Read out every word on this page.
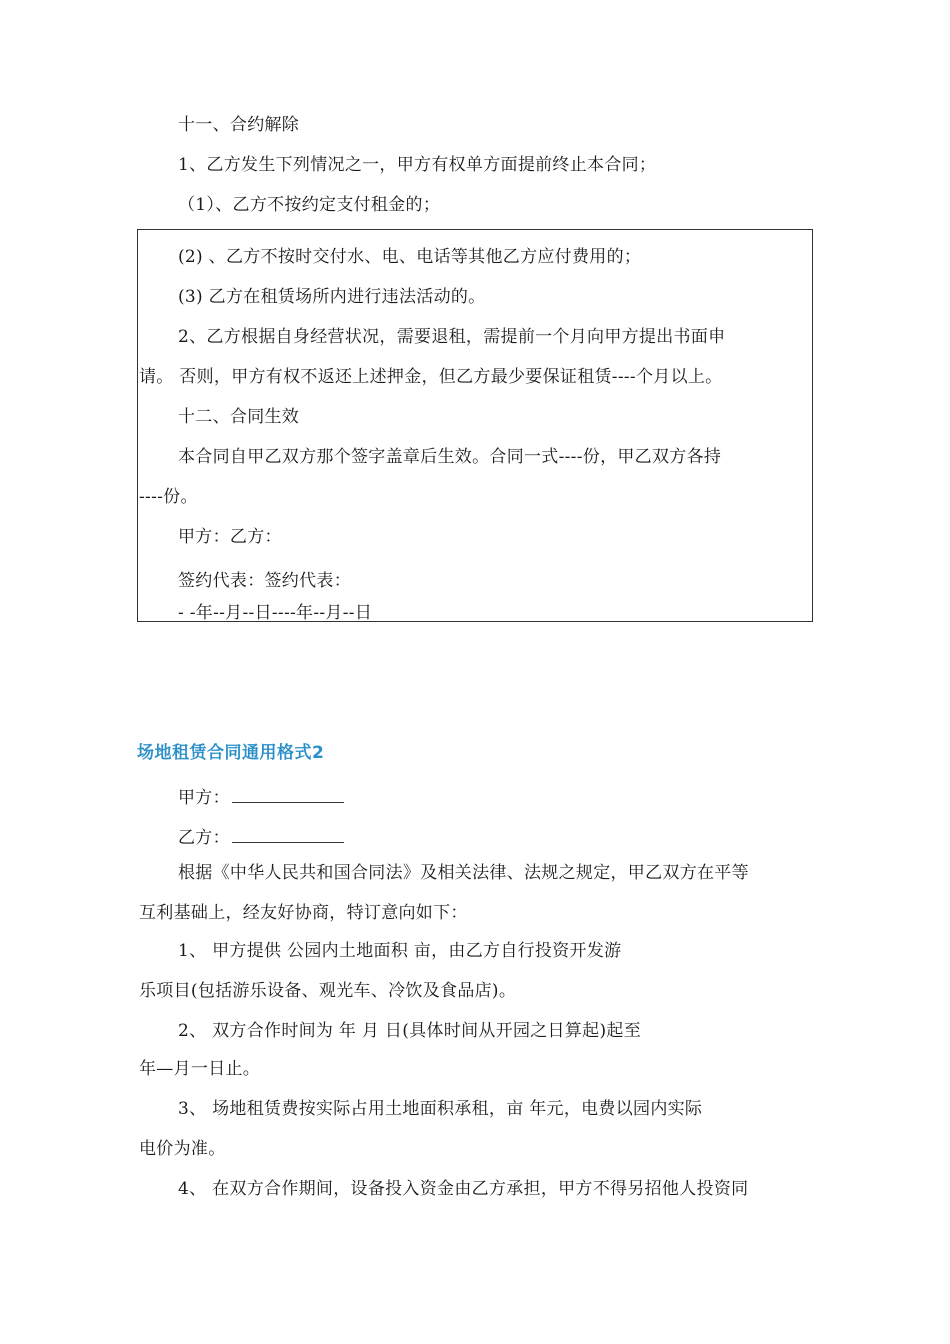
十一、合约解除
1、乙方发生下列情况之一，甲方有权单方面提前终止本合同；
（1）、乙方不按约定支付租金的；
(2) 、乙方不按时交付水、电、电话等其他乙方应付费用的；
(3) 乙方在租赁场所内进行违法活动的。
2、乙方根据自身经营状况，需要退租，需提前一个月向甲方提出书面申
请。 否则，甲方有权不返还上述押金，但乙方最少要保证租赁----个月以上。
十二、合同生效
本合同自甲乙双方那个签字盖章后生效。合同一式----份，甲乙双方各持
----份。
甲方：乙方：
签约代表：签约代表：
- -年--月--日----年--月--日
场地租赁合同通用格式2
甲方：
乙方：
根据《中华人民共和国合同法》及相关法律、法规之规定，甲乙双方在平等
互利基础上，经友好协商，特订意向如下：
1、 甲方提供 公园内土地面积 亩，由乙方自行投资开发游
乐项目(包括游乐设备、观光车、冷饮及食品店)。
2、 双方合作时间为 年 月 日(具体时间从开园之日算起)起至
年—月一日止。
3、 场地租赁费按实际占用土地面积承租，亩 年元，电费以园内实际
电价为准。
4、 在双方合作期间，设备投入资金由乙方承担，甲方不得另招他人投资同
